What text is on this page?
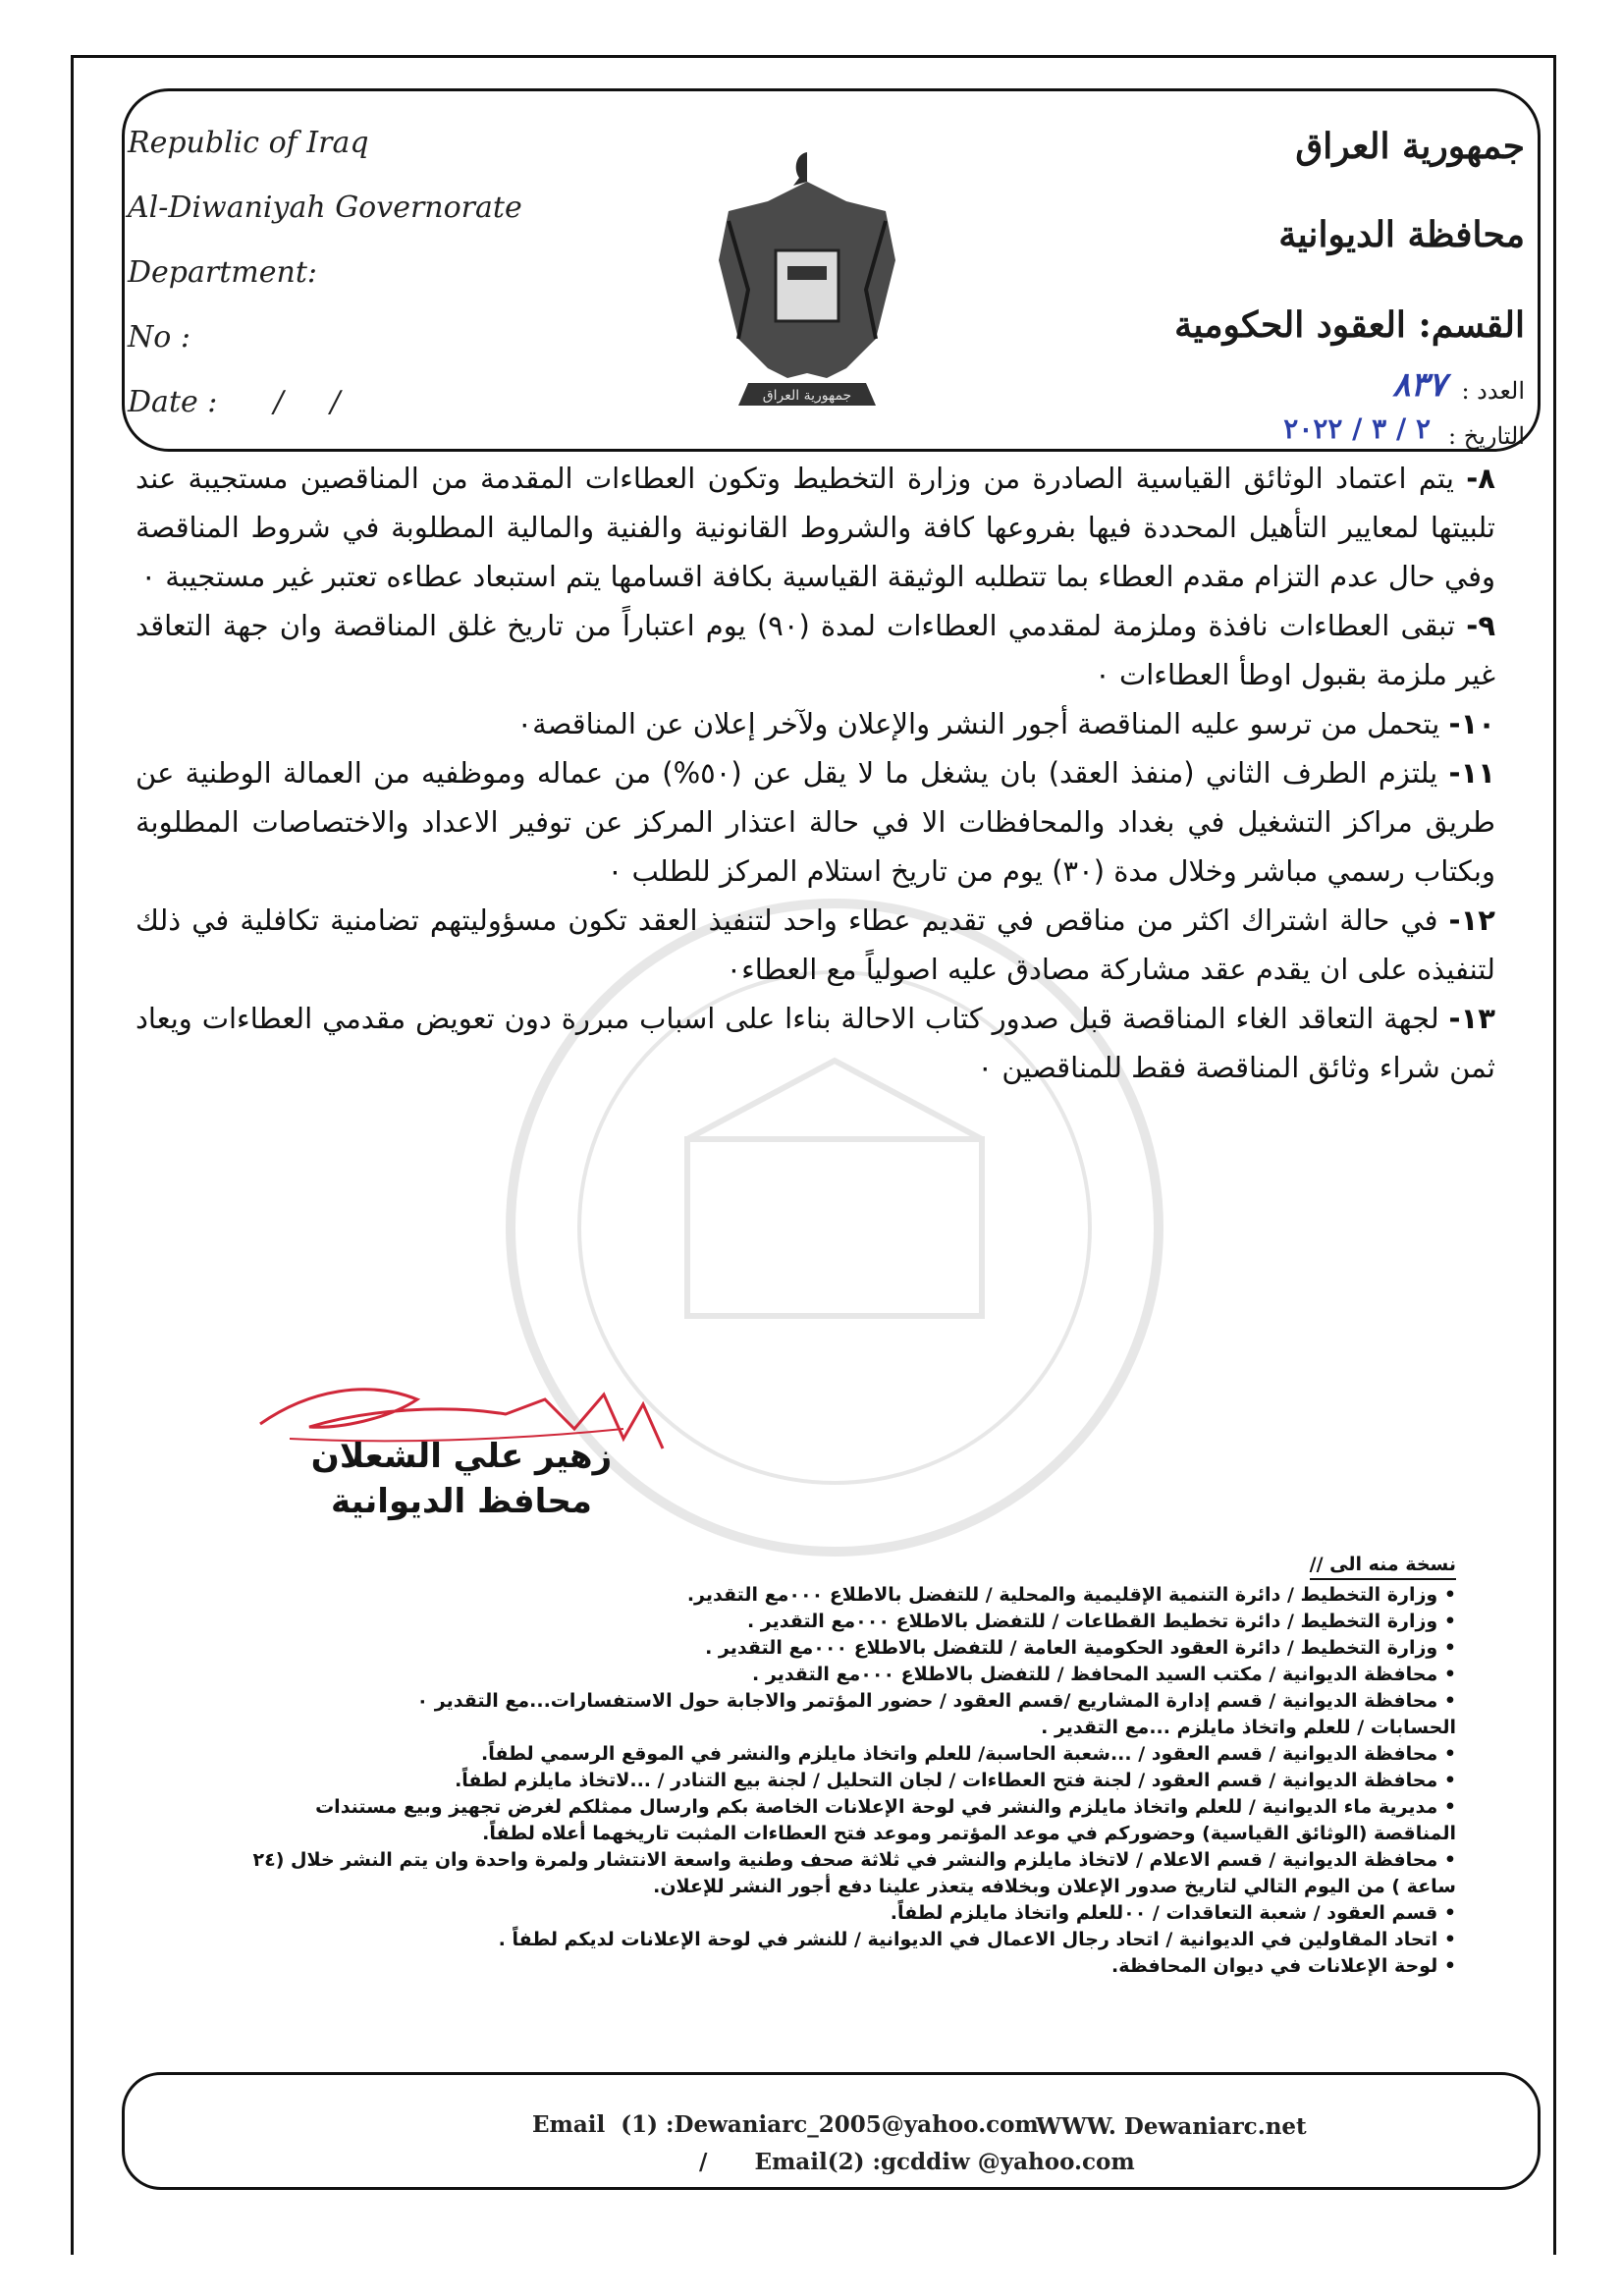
Republic of Iraq
Al-Diwaniyah Governorate
Department:
No :
Date :      /     /	جمهورية العراق
جمهورية العراق
محافظة الديوانية
القسم: العقود الحكومية
العدد :
٨٣٧
التاريخ :
٢ / ٣ / ٢٠٢٢

٨- يتم اعتماد الوثائق القياسية الصادرة من وزارة التخطيط وتكون العطاءات المقدمة من المناقصين مستجيبة عند تلبيتها لمعايير التأهيل المحددة فيها بفروعها كافة والشروط القانونية والفنية والمالية المطلوبة في شروط المناقصة وفي حال عدم التزام مقدم العطاء بما تتطلبه الوثيقة القياسية بكافة اقسامها يتم استبعاد عطاءه تعتبر غير مستجيبة ٠

٩- تبقى العطاءات نافذة وملزمة لمقدمي العطاءات لمدة (٩٠) يوم اعتباراً من تاريخ غلق المناقصة وان جهة التعاقد غير ملزمة بقبول اوطأ العطاءات ٠

١٠- يتحمل من ترسو عليه المناقصة أجور النشر والإعلان ولآخر إعلان عن المناقصة٠

١١- يلتزم الطرف الثاني (منفذ العقد) بان يشغل ما لا يقل عن (٥٠%) من عماله وموظفيه من العمالة الوطنية عن طريق مراكز التشغيل في بغداد والمحافظات الا في حالة اعتذار المركز عن توفير الاعداد والاختصاصات المطلوبة وبكتاب رسمي مباشر وخلال مدة (٣٠) يوم من تاريخ استلام المركز للطلب ٠

١٢- في حالة اشتراك اكثر من مناقص في تقديم عطاء واحد لتنفيذ العقد تكون مسؤوليتهم تضامنية تكافلية في ذلك لتنفيذه على ان يقدم عقد مشاركة مصادق عليه اصولياً مع العطاء٠

١٣- لجهة التعاقد الغاء المناقصة قبل صدور كتاب الاحالة بناءا على اسباب مبررة دون تعويض مقدمي العطاءات ويعاد ثمن شراء وثائق المناقصة فقط للمناقصين ٠

زهير علي الشعلان
محافظ الديوانية
نسخة منه الى //
• وزارة التخطيط / دائرة التنمية الإقليمية والمحلية / للتفضل بالاطلاع ٠٠٠مع التقدير.
• وزارة التخطيط / دائرة تخطيط القطاعات / للتفضل بالاطلاع ٠٠٠مع التقدير .
• وزارة التخطيط / دائرة العقود الحكومية العامة / للتفضل بالاطلاع ٠٠٠مع التقدير .
• محافظة الديوانية / مكتب السيد المحافظ / للتفضل بالاطلاع ٠٠٠مع التقدير .
• محافظة الديوانية / قسم إدارة المشاريع /قسم العقود / حضور المؤتمر والاجابة حول الاستفسارات...مع التقدير ٠
الحسابات / للعلم واتخاذ مايلزم ...مع التقدير .
• محافظة الديوانية / قسم العقود / ...شعبة الحاسبة/ للعلم واتخاذ مايلزم والنشر في الموقع الرسمي لطفاً.
• محافظة الديوانية / قسم العقود / لجنة فتح العطاءات / لجان التحليل / لجنة بيع التنادر / ...لاتخاذ مايلزم لطفاً.
• مديرية ماء الديوانية / للعلم واتخاذ مايلزم والنشر في لوحة الإعلانات الخاصة بكم وارسال ممثلكم لغرض تجهيز وبيع مستندات المناقصة (الوثائق القياسية) وحضوركم في موعد المؤتمر وموعد فتح العطاءات المثبت تاريخهما أعلاه لطفاً.
• محافظة الديوانية / قسم الاعلام / لاتخاذ مايلزم والنشر في ثلاثة صحف وطنية واسعة الانتشار ولمرة واحدة وان يتم النشر خلال (٢٤ ساعة ) من اليوم التالي لتاريخ صدور الإعلان وبخلافه يتعذر علينا دفع أجور النشر للإعلان.
• قسم العقود / شعبة التعاقدات / ٠٠للعلم واتخاذ مايلزم لطفاً.
• اتحاد المقاولين في الديوانية / اتحاد رجال الاعمال في الديوانية / للنشر في لوحة الإعلانات لديكم لطفاً .
• لوحة الإعلانات في ديوان المحافظة.
Email  (1) :Dewaniarc_2005@yahoo.com
WWW. Dewaniarc.net
/      Email(2) :gcddiw @yahoo.com
